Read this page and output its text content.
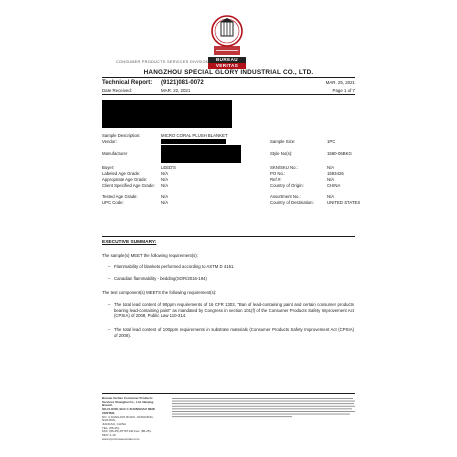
BUREAU
VERITAS
CONSUMER PRODUCTS SERVICES DIVISION
HANGZHOU SPECIAL GLORY INDUSTRIAL CO., LTD.
Technical Report: (9121)081-0072	MAR. 25, 2021
Date Received:	MAR. 22, 2021	Page 1 of 7
Sample Description:	MICRO CORAL PLUSH BLANKET
Vendor:
Manufacturer
Buyer:	LEED'S
Labeled Age Grade:	N/A
Appropriate Age Grade:	N/A
Client Specified Age Grade:	N/A
Tested Age Grade:	N/A
UPC Code:	N/A
Sample Size:	1PC
Style No(s):	1580-06BKG
SKN/SKU No.:	N/A
PO No.:	1593426
Ref.#:	N/A
Country of Origin:	CHINA
Assortment No.:	N/A
Country of Destination:	UNITED STATES
EXECUTIVE SUMMARY:
The sample(s) MEET the following requirement(s):
– Flammability of blankets performed according to ASTM D 4151.
– Canadian flammability - bedding(SOR/2016-194)
The test component(s) MEETS the following requirement(s):
– The total lead content of 90ppm requirements of 16 CFR 1303, "Ban of lead-containing paint and certain consumer products bearing lead-containing paint" as mandated by Congress in section 101(f) of the Consumer Products Safety Improvement Act (CPSIA) of 2008, Public Law 110-314.
– The total lead content of 100ppm requirements in substrate materials (Consumer Products Safety Improvement Act (CPSIA) of 2008).
Bureau Veritas Consumer Products
Services Shanghai Co., Ltd. Nanjing
Branch
9th FLOOR, BLK C ZHONGDAO NEW
CENTER,
NO. 4 JIANGJUN ROAD, JIANGNING
NANJING,
JIANGSU, CHINA
TEL: (86-25)-
FAX: (86-25)-87767140 Fax: (86-25)-
5407-1-16
www.cps.bureauveritas.com
